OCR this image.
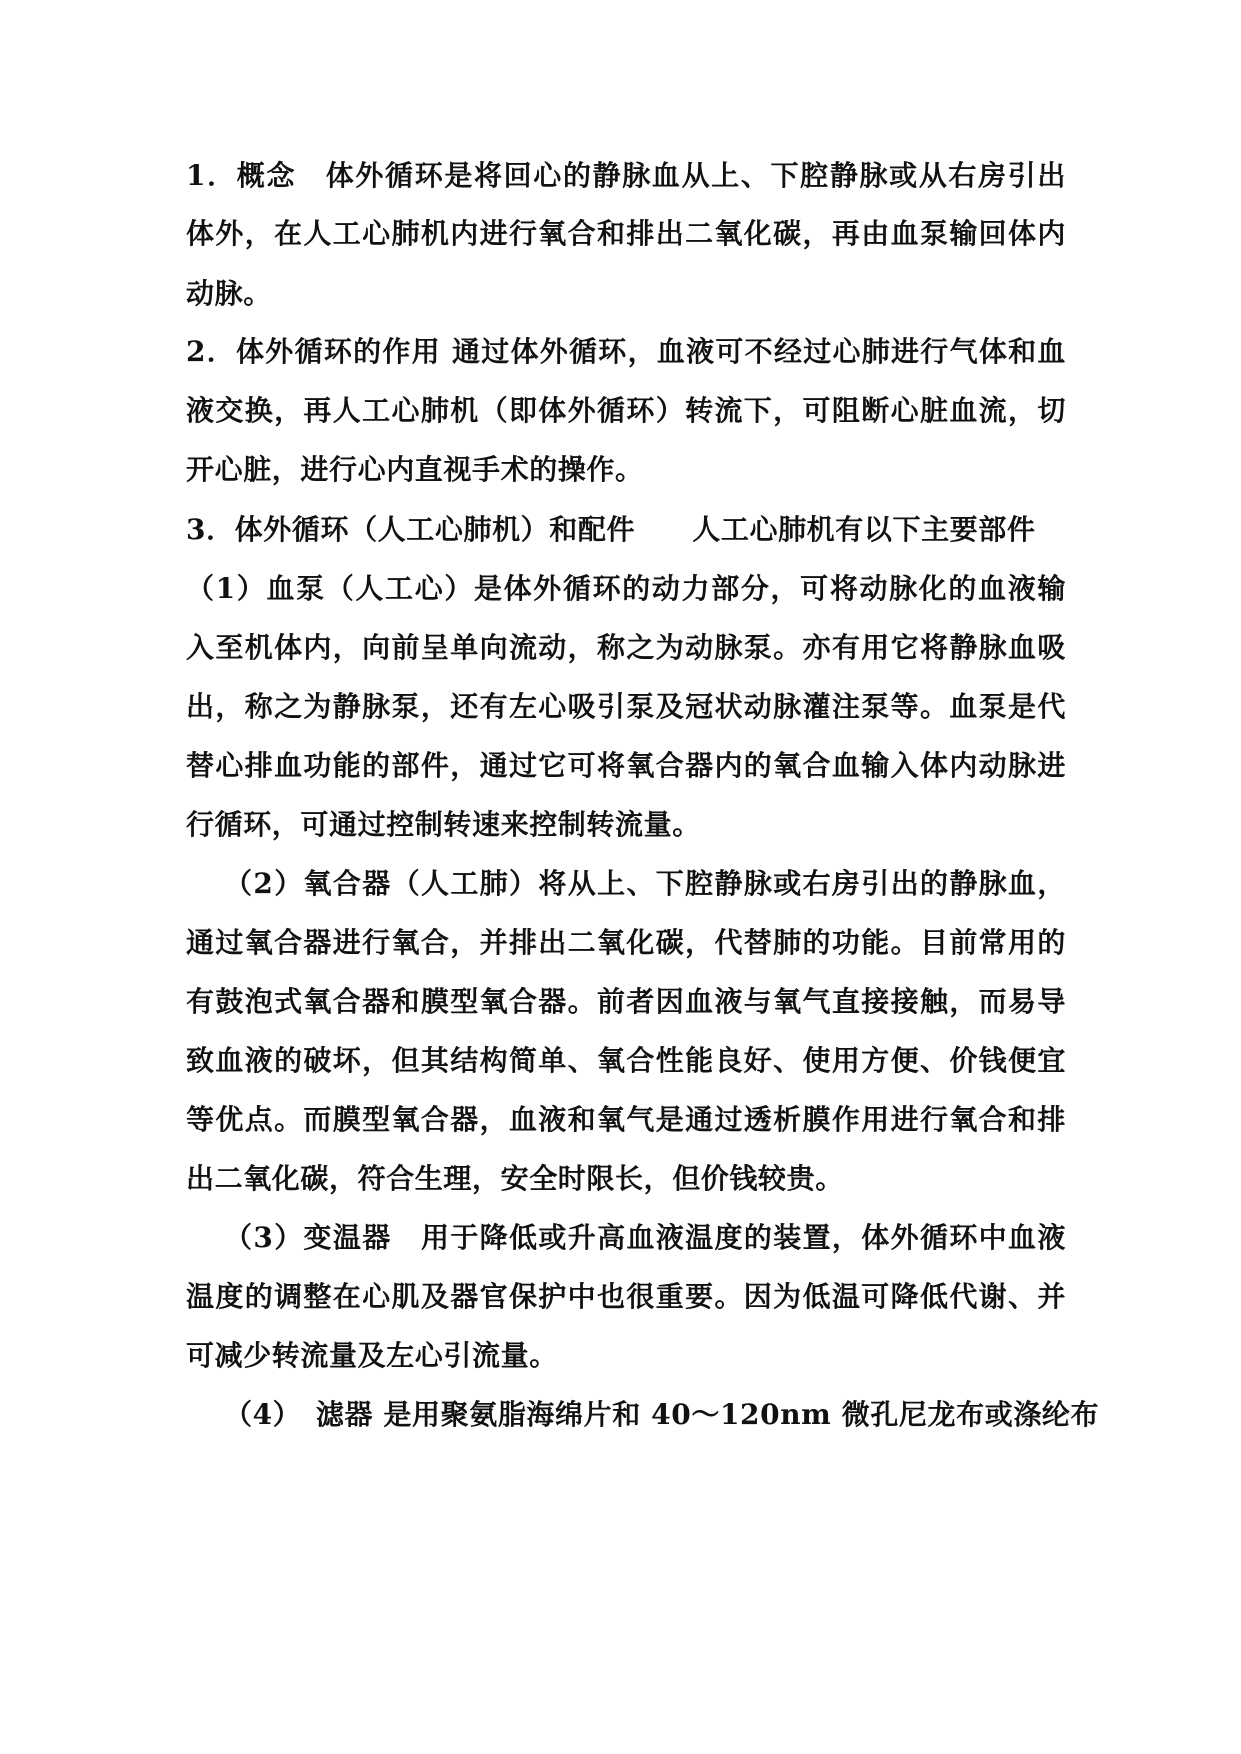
1．概念　体外循环是将回心的静脉血从上、下腔静脉或从右房引出
体外，在人工心肺机内进行氧合和排出二氧化碳，再由血泵输回体内
动脉。
2．体外循环的作用 通过体外循环，血液可不经过心肺进行气体和血
液交换，再人工心肺机（即体外循环）转流下，可阻断心脏血流，切
开心脏，进行心内直视手术的操作。
3．体外循环（人工心肺机）和配件　　人工心肺机有以下主要部件
（1）血泵（人工心）是体外循环的动力部分，可将动脉化的血液输
入至机体内，向前呈单向流动，称之为动脉泵。亦有用它将静脉血吸
出，称之为静脉泵，还有左心吸引泵及冠状动脉灌注泵等。血泵是代
替心排血功能的部件，通过它可将氧合器内的氧合血输入体内动脉进
行循环，可通过控制转速来控制转流量。
（2）氧合器（人工肺）将从上、下腔静脉或右房引出的静脉血，
通过氧合器进行氧合，并排出二氧化碳，代替肺的功能。目前常用的
有鼓泡式氧合器和膜型氧合器。前者因血液与氧气直接接触，而易导
致血液的破坏，但其结构简单、氧合性能良好、使用方便、价钱便宜
等优点。而膜型氧合器，血液和氧气是通过透析膜作用进行氧合和排
出二氧化碳，符合生理，安全时限长，但价钱较贵。
（3）变温器　用于降低或升高血液温度的装置，体外循环中血液
温度的调整在心肌及器官保护中也很重要。因为低温可降低代谢、并
可减少转流量及左心引流量。
（4）　滤器 是用聚氨脂海绵片和 40～120nm 微孔尼龙布或涤纶布
